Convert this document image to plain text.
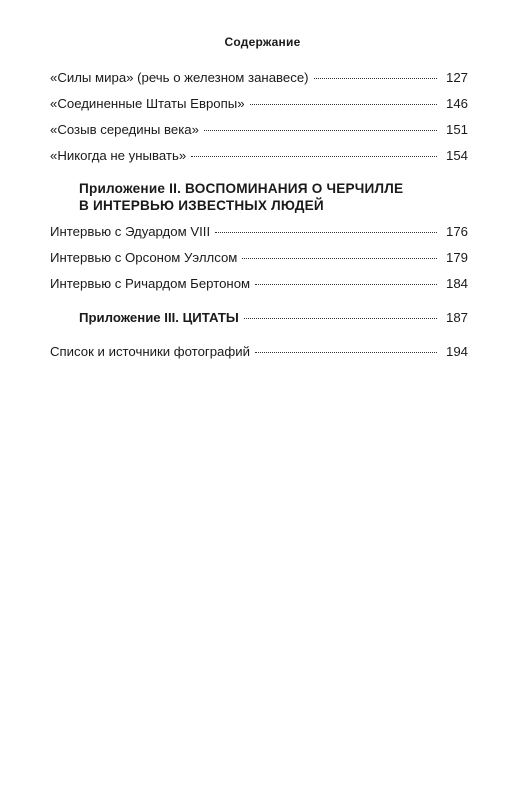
Содержание
«Силы мира» (речь о железном занавесе)	127
«Соединенные Штаты Европы»	146
«Созыв середины века»	151
«Никогда не унывать»	154
Приложение II. ВОСПОМИНАНИЯ О ЧЕРЧИЛЛЕ
В ИНТЕРВЬЮ ИЗВЕСТНЫХ ЛЮДЕЙ
Интервью с Эдуардом VIII	176
Интервью с Орсоном Уэллсом	179
Интервью с Ричардом Бертоном	184
Приложение III. ЦИТАТЫ	187
Список и источники фотографий	194
